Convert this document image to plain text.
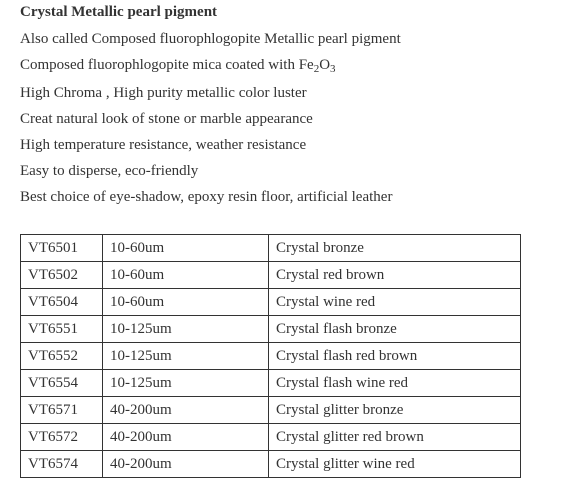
Crystal Metallic pearl pigment
Also called Composed fluorophlogopite Metallic pearl pigment
Composed fluorophlogopite mica coated with $Fe_2O_3$
High Chroma , High purity metallic color luster
Creat natural look of stone or marble appearance
High temperature resistance, weather resistance
Easy to disperse, eco-friendly
Best choice of eye-shadow, epoxy resin floor, artificial leather
VT6501	10-60um	Crystal bronze
VT6502	10-60um	Crystal red brown
VT6504	10-60um	Crystal wine red
VT6551	10-125um	Crystal flash bronze
VT6552	10-125um	Crystal flash red brown
VT6554	10-125um	Crystal flash wine red
VT6571	40-200um	Crystal glitter bronze
VT6572	40-200um	Crystal glitter red brown
VT6574	40-200um	Crystal glitter wine red
